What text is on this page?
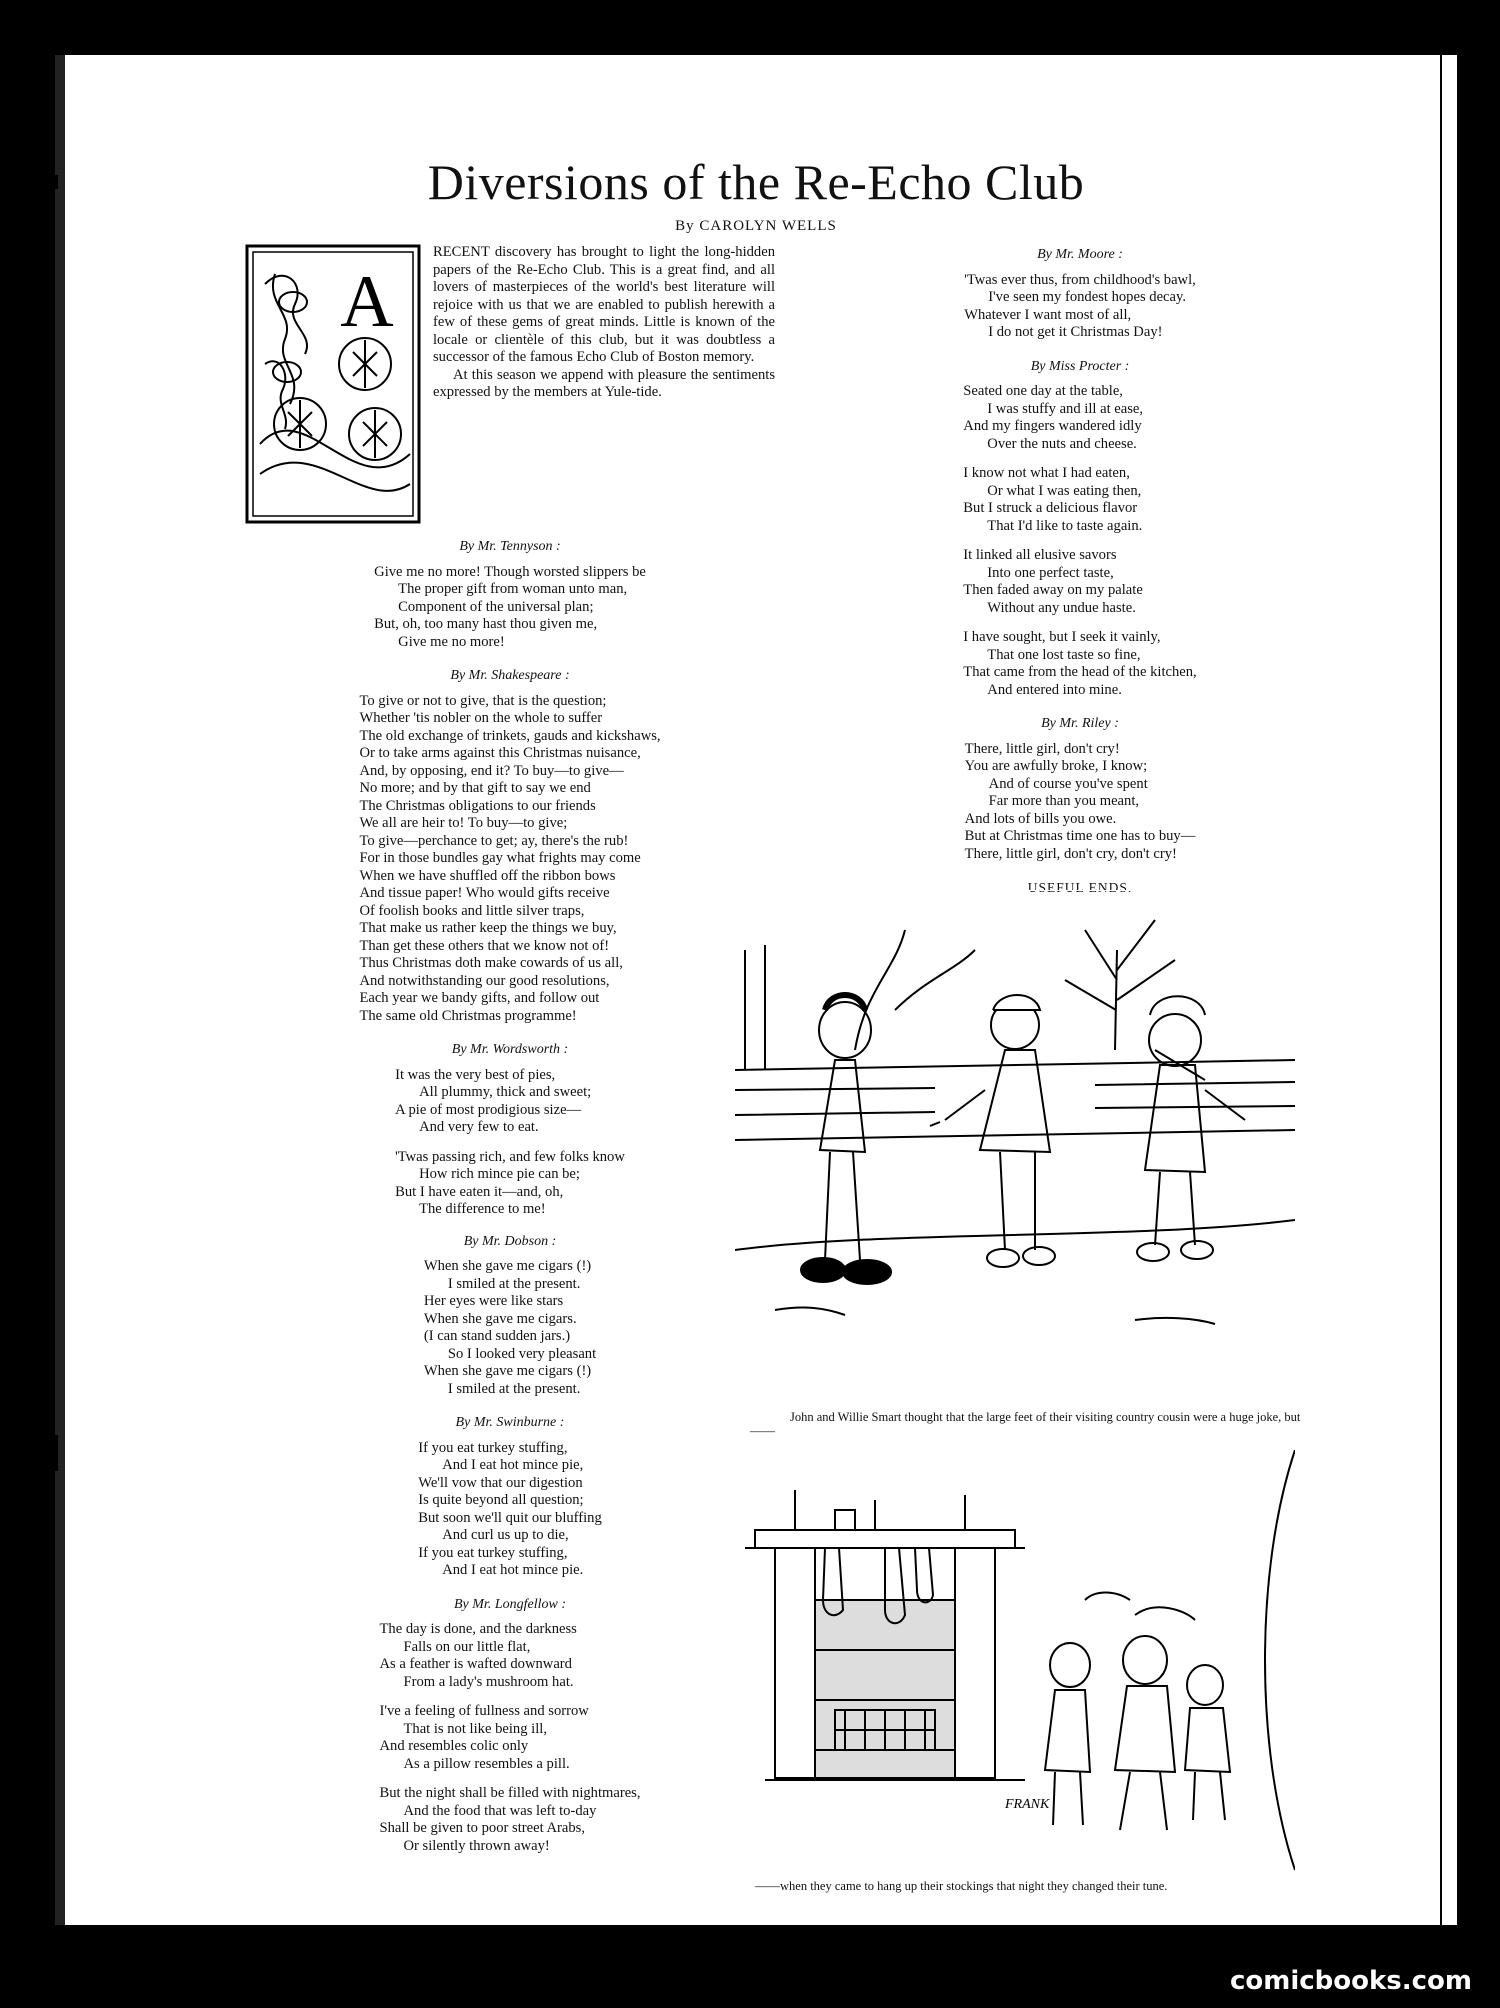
Diversions of the Re-Echo Club
By CAROLYN WELLS
A

RECENT discovery has brought to light the long-hidden papers of the Re-Echo Club. This is a great find, and all lovers of masterpieces of the world's best literature will rejoice with us that we are enabled to publish herewith a few of these gems of great minds. Little is known of the locale or clientèle of this club, but it was doubtless a successor of the famous Echo Club of Boston memory.

At this season we append with pleasure the sentiments expressed by the members at Yule-tide.

By Mr. Tennyson :
Give me no more! Though worsted slippers be
The proper gift from woman unto man,
Component of the universal plan;
But, oh, too many hast thou given me,
Give me no more!
By Mr. Shakespeare :
To give or not to give, that is the question;
Whether 'tis nobler on the whole to suffer
The old exchange of trinkets, gauds and kickshaws,
Or to take arms against this Christmas nuisance,
And, by opposing, end it? To buy—to give—
No more; and by that gift to say we end
The Christmas obligations to our friends
We all are heir to! To buy—to give;
To give—perchance to get; ay, there's the rub!
For in those bundles gay what frights may come
When we have shuffled off the ribbon bows
And tissue paper! Who would gifts receive
Of foolish books and little silver traps,
That make us rather keep the things we buy,
Than get these others that we know not of!
Thus Christmas doth make cowards of us all,
And notwithstanding our good resolutions,
Each year we bandy gifts, and follow out
The same old Christmas programme!
By Mr. Wordsworth :
It was the very best of pies,
All plummy, thick and sweet;
A pie of most prodigious size—
And very few to eat.
'Twas passing rich, and few folks know
How rich mince pie can be;
But I have eaten it—and, oh,
The difference to me!
By Mr. Dobson :
When she gave me cigars (!)
I smiled at the present.
Her eyes were like stars
When she gave me cigars.
(I can stand sudden jars.)
So I looked very pleasant
When she gave me cigars (!)
I smiled at the present.
By Mr. Swinburne :
If you eat turkey stuffing,
And I eat hot mince pie,
We'll vow that our digestion
Is quite beyond all question;
But soon we'll quit our bluffing
And curl us up to die,
If you eat turkey stuffing,
And I eat hot mince pie.
By Mr. Longfellow :
The day is done, and the darkness
Falls on our little flat,
As a feather is wafted downward
From a lady's mushroom hat.
I've a feeling of fullness and sorrow
That is not like being ill,
And resembles colic only
As a pillow resembles a pill.
But the night shall be filled with nightmares,
And the food that was left to-day
Shall be given to poor street Arabs,
Or silently thrown away!
By Mr. Moore :
'Twas ever thus, from childhood's bawl,
I've seen my fondest hopes decay.
Whatever I want most of all,
I do not get it Christmas Day!
By Miss Procter :
Seated one day at the table,
I was stuffy and ill at ease,
And my fingers wandered idly
Over the nuts and cheese.
I know not what I had eaten,
Or what I was eating then,
But I struck a delicious flavor
That I'd like to taste again.
It linked all elusive savors
Into one perfect taste,
Then faded away on my palate
Without any undue haste.
I have sought, but I seek it vainly,
That one lost taste so fine,
That came from the head of the kitchen,
And entered into mine.
By Mr. Riley :
There, little girl, don't cry!
You are awfully broke, I know;
And of course you've spent
Far more than you meant,
And lots of bills you owe.
But at Christmas time one has to buy—
There, little girl, don't cry, don't cry!
USEFUL ENDS.
John and Willie Smart thought that the large feet of their visiting country cousin were a huge joke, but——
FRANK
——when they came to hang up their stockings that night they changed their tune.
comicbooks.com
